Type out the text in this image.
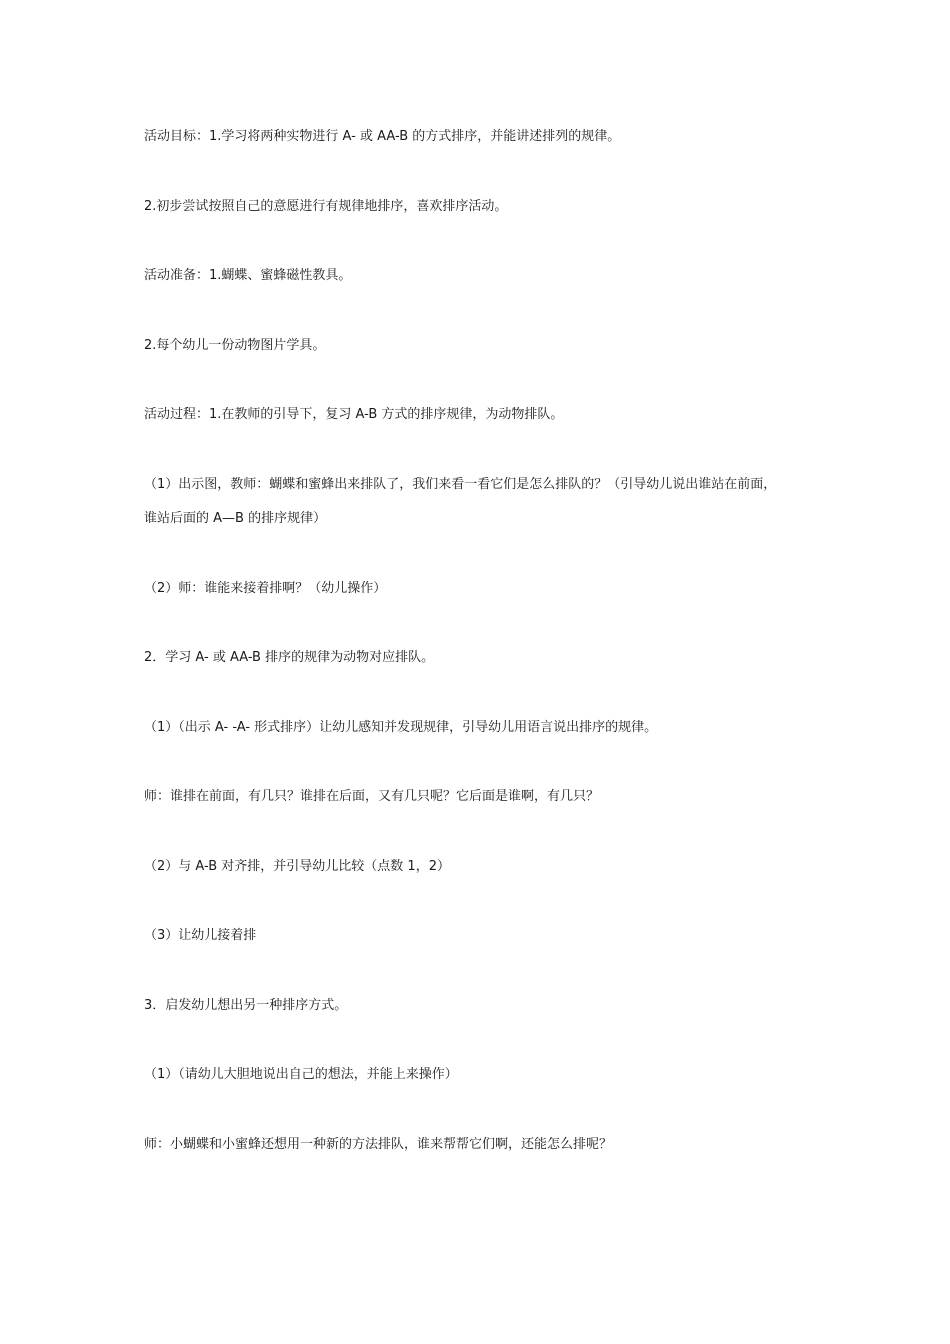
活动目标：1.学习将两种实物进行 A- 或 AA-B 的方式排序，并能讲述排列的规律。

2.初步尝试按照自己的意愿进行有规律地排序，喜欢排序活动。

活动准备：1.蝴蝶、蜜蜂磁性教具。

2.每个幼儿一份动物图片学具。

活动过程：1.在教师的引导下，复习 A-B 方式的排序规律，为动物排队。

（1）出示图，教师：蝴蝶和蜜蜂出来排队了，我们来看一看它们是怎么排队的？（引导幼儿说出谁站在前面，
谁站后面的 A—B 的排序规律）

（2）师：谁能来接着排啊？（幼儿操作）

2．学习 A- 或 AA-B 排序的规律为动物对应排队。

（1）（出示 A- -A- 形式排序）让幼儿感知并发现规律，引导幼儿用语言说出排序的规律。

师：谁排在前面，有几只？谁排在后面，又有几只呢？它后面是谁啊，有几只？

（2）与 A-B 对齐排，并引导幼儿比较（点数 1，2）

（3）让幼儿接着排

3．启发幼儿想出另一种排序方式。

（1）（请幼儿大胆地说出自己的想法，并能上来操作）

师：小蝴蝶和小蜜蜂还想用一种新的方法排队，谁来帮帮它们啊，还能怎么排呢？
